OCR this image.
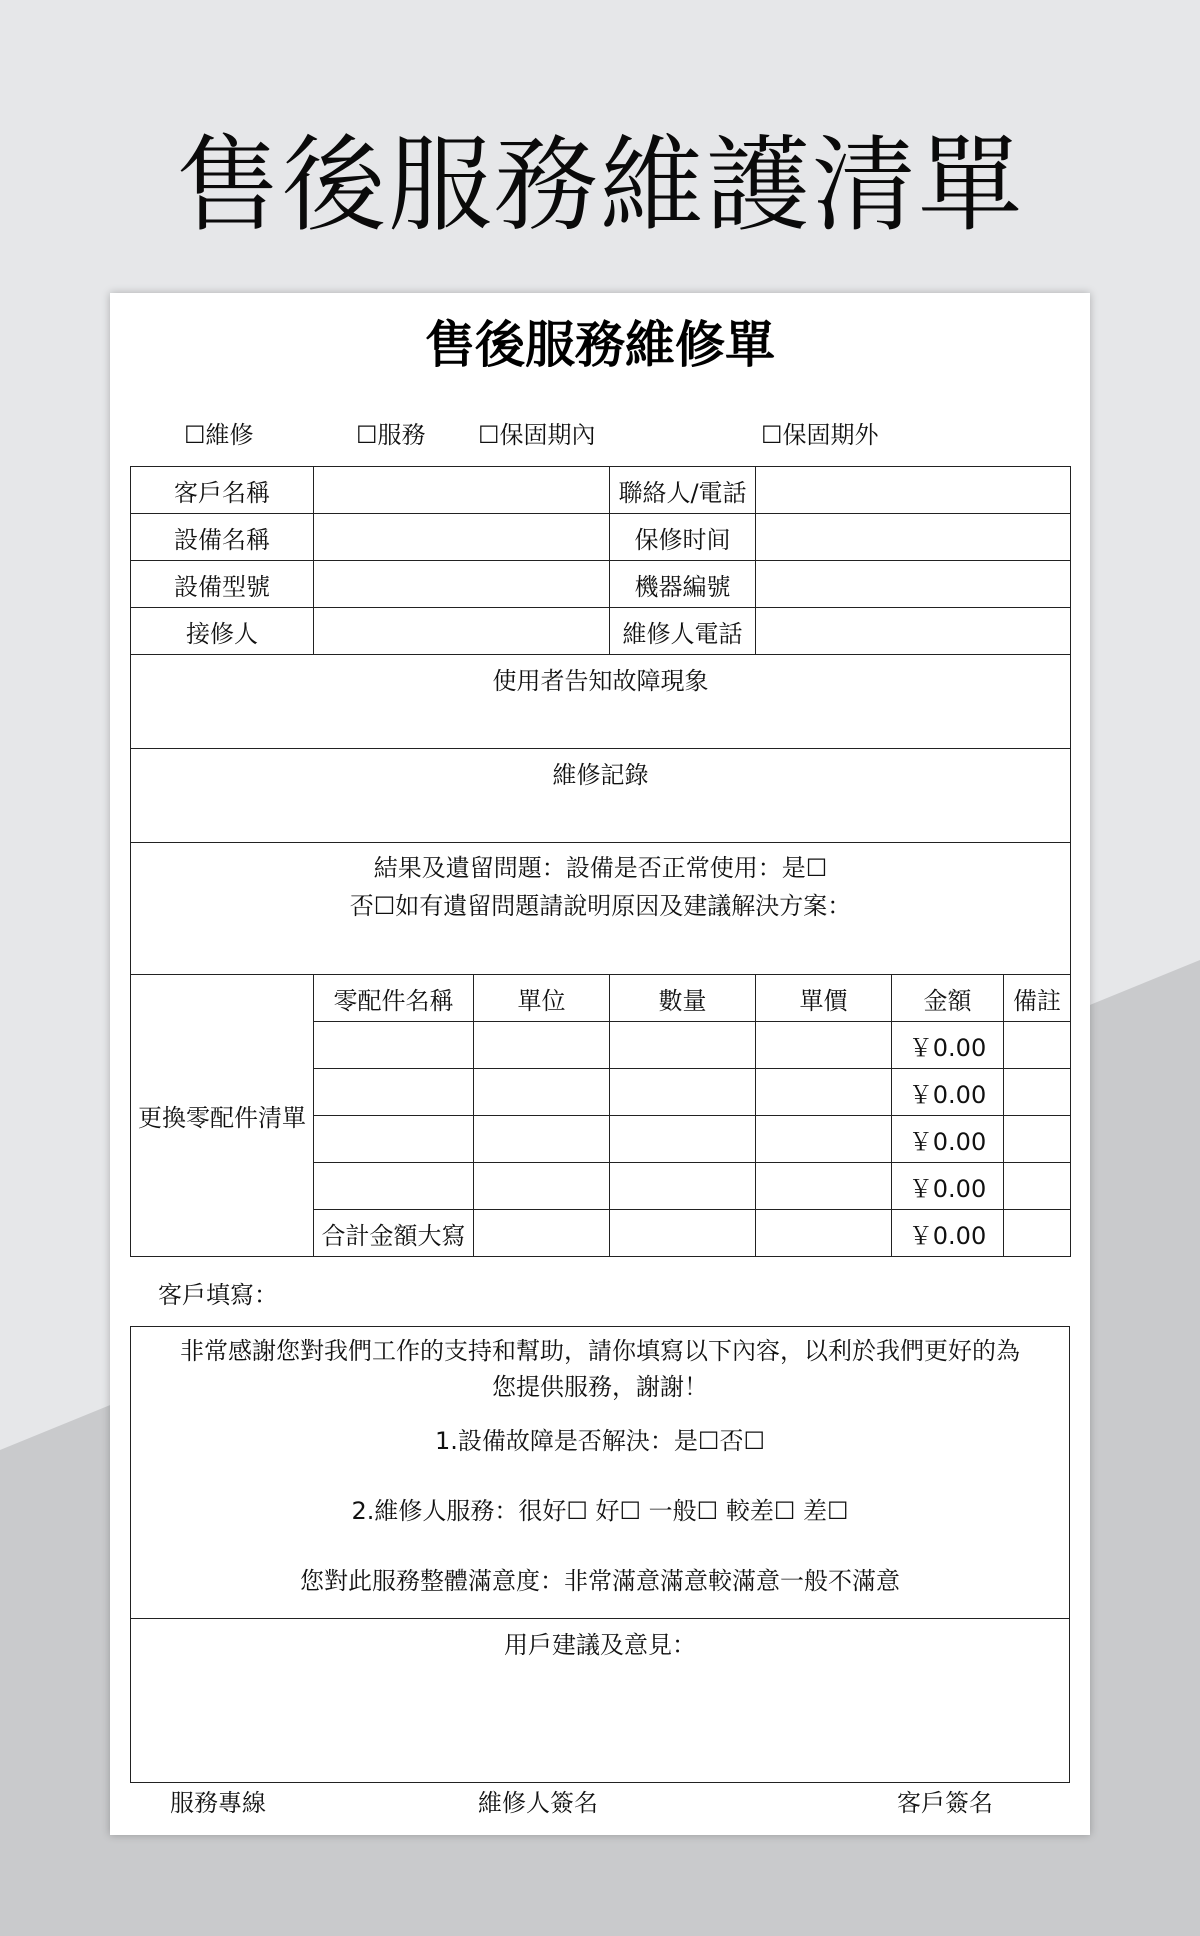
售後服務維護清單
售後服務維修單
☐維修	☐服務 ☐保固期內	☐保固期外
客戶名稱			聯絡人/電話			
設備名稱			保修时间			
設備型號			機器編號			
接修人			維修人電話			
使用者告知故障現象						
維修記錄						
結果及遺留問題：設備是否正常使用：是☐
否☐如有遺留問題請說明原因及建議解決方案：						
更換零配件清單	零配件名稱	單位	數量	單價	金額	備註
					￥0.00	
					￥0.00	
					￥0.00	
					￥0.00	
	合計金額大寫				￥0.00	
客戶填寫：
非常感謝您對我們工作的支持和幫助，請你填寫以下內容，以利於我們更好的為
您提供服務，謝謝！
1.設備故障是否解決：是☐否☐
2.維修人服務：很好☐ 好☐ 一般☐ 較差☐ 差☐
您對此服務整體滿意度：非常滿意滿意較滿意一般不滿意

用戶建議及意見：
服務專線	維修人簽名	客戶簽名
